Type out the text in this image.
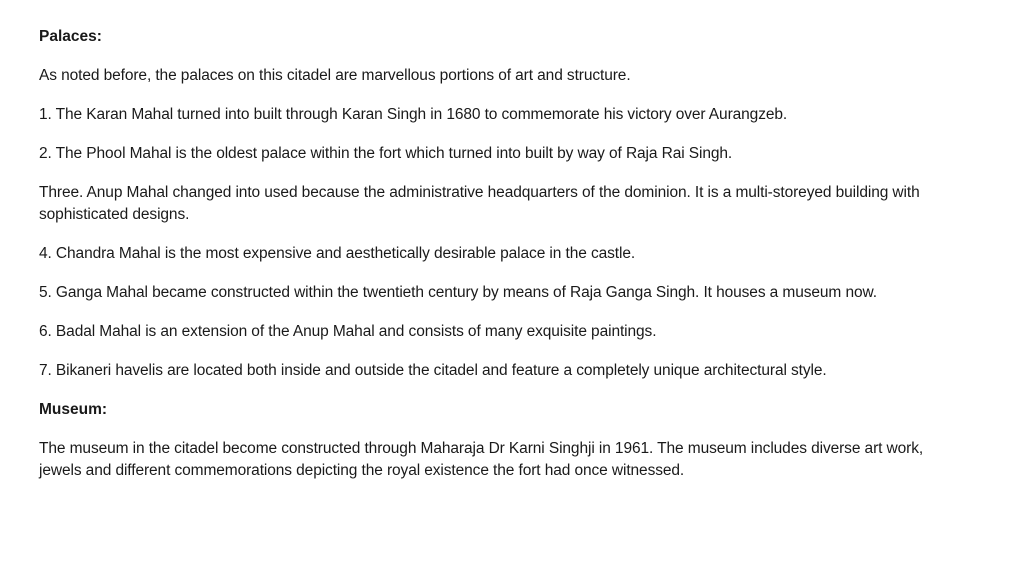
Palaces:

As noted before, the palaces on this citadel are marvellous portions of art and structure.

1. The Karan Mahal turned into built through Karan Singh in 1680 to commemorate his victory over Aurangzeb.

2. The Phool Mahal is the oldest palace within the fort which turned into built by way of Raja Rai Singh.

Three. Anup Mahal changed into used because the administrative headquarters of the dominion. It is a multi-storeyed building with sophisticated designs.

4. Chandra Mahal is the most expensive and aesthetically desirable palace in the castle.

5. Ganga Mahal became constructed within the twentieth century by means of Raja Ganga Singh. It houses a museum now.

6. Badal Mahal is an extension of the Anup Mahal and consists of many exquisite paintings.

7. Bikaneri havelis are located both inside and outside the citadel and feature a completely unique architectural style.

Museum:

The museum in the citadel become constructed through Maharaja Dr Karni Singhji in 1961. The museum includes diverse art work, jewels and different commemorations depicting the royal existence the fort had once witnessed.
